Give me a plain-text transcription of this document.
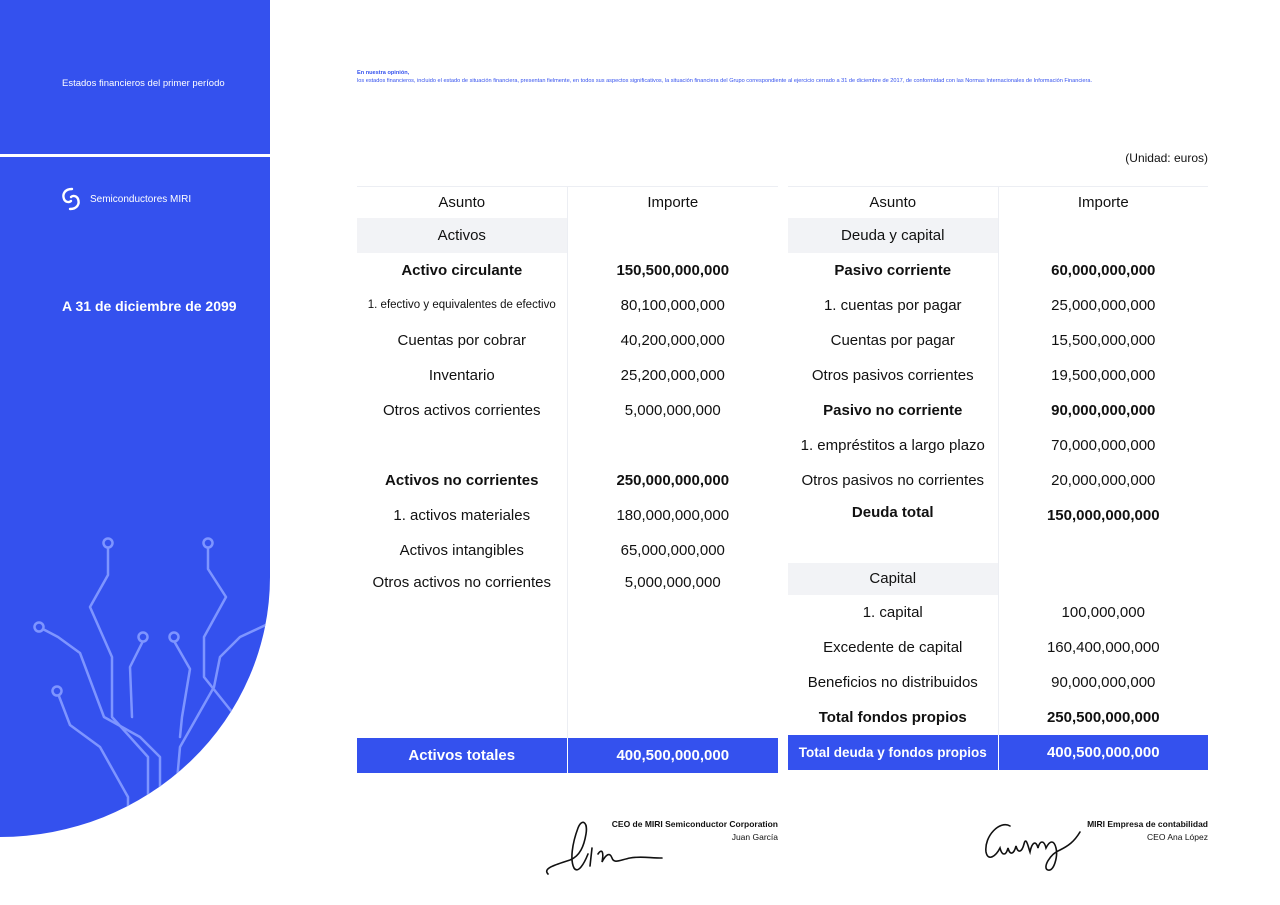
Estados financieros del primer período
Semiconductores MIRI
A 31 de diciembre de 2099
En nuestra opinión,
los estados financieros, incluido el estado de situación financiera, presentan fielmente, en todos sus aspectos significativos, la situación financiera del Grupo correspondiente al ejercicio cerrado a 31 de diciembre de 2017, de conformidad con las Normas Internacionales de Información Financiera.
(Unidad: euros)
Asunto	Importe
Activos	
Activo circulante	150,500,000,000
1. efectivo y equivalentes de efectivo	80,100,000,000
Cuentas por cobrar	40,200,000,000
Inventario	25,200,000,000
Otros activos corrientes	5,000,000,000

Activos no corrientes	250,000,000,000
1. activos materiales	180,000,000,000
Activos intangibles	65,000,000,000
Otros activos no corrientes	5,000,000,000

Activos totales	400,500,000,000
Asunto	Importe
Deuda y capital	
Pasivo corriente	60,000,000,000
1. cuentas por pagar	25,000,000,000
Cuentas por pagar	15,500,000,000
Otros pasivos corrientes	19,500,000,000
Pasivo no corriente	90,000,000,000
1. empréstitos a largo plazo	70,000,000,000
Otros pasivos no corrientes	20,000,000,000
Deuda total	150,000,000,000

Capital	
1. capital	100,000,000
Excedente de capital	160,400,000,000
Beneficios no distribuidos	90,000,000,000
Total fondos propios	250,500,000,000
Total deuda y fondos propios	400,500,000,000
CEO de MIRI Semiconductor Corporation
Juan García
MIRI Empresa de contabilidad
CEO Ana López
